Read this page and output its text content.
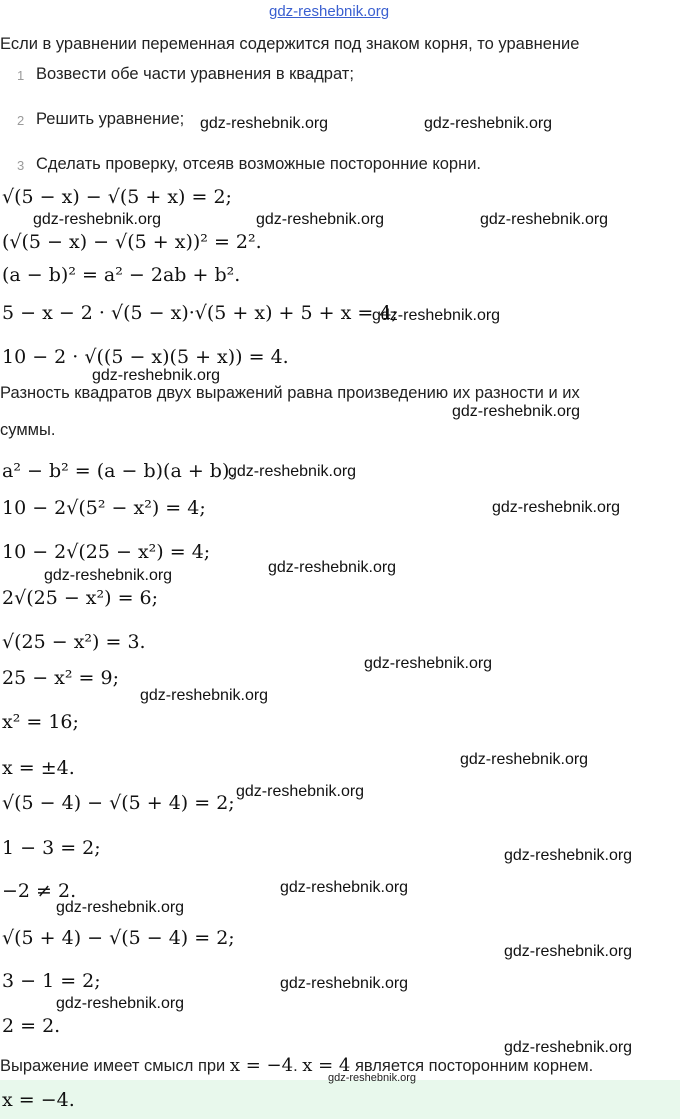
gdz-reshebnik.org
Если в уравнении переменная содержится под знаком корня, то уравнение
1 Возвести обе части уравнения в квадрат;
2 Решить уравнение; gdz-reshebnik.org	gdz-reshebnik.org
3 Сделать проверку, отсеяв возможные посторонние корни.
√(5 − x) − √(5 + x) = 2;
gdz-reshebnik.org	gdz-reshebnik.org	gdz-reshebnik.org
(√(5 − x) − √(5 + x))² = 2².
(a − b)² = a² − 2ab + b².
5 − x − 2 · √(5 − x)·√(5 + x) + 5 + x = 4;
gdz-reshebnik.org
10 − 2 · √((5 − x)(5 + x)) = 4.
gdz-reshebnik.org
Разность квадратов двух выражений равна произведению их разности и их
gdz-reshebnik.org
суммы.
a² − b² = (a − b)(a + b).
gdz-reshebnik.org
10 − 2√(5² − x²) = 4;	gdz-reshebnik.org
10 − 2√(25 − x²) = 4;
gdz-reshebnik.org
gdz-reshebnik.org
2√(25 − x²) = 6;
√(25 − x²) = 3.
gdz-reshebnik.org
25 − x² = 9;
gdz-reshebnik.org
x² = 16;
gdz-reshebnik.org
x = ±4.
gdz-reshebnik.org
√(5 − 4) − √(5 + 4) = 2;
1 − 3 = 2;	gdz-reshebnik.org
gdz-reshebnik.org
−2 ≠ 2.
gdz-reshebnik.org
√(5 + 4) − √(5 − 4) = 2;
gdz-reshebnik.org
3 − 1 = 2;	gdz-reshebnik.org
gdz-reshebnik.org
2 = 2.
gdz-reshebnik.org
Выражение имеет смысл при x = −4. x = 4 является посторонним корнем.
x = −4.
gdz-reshebnik.org
